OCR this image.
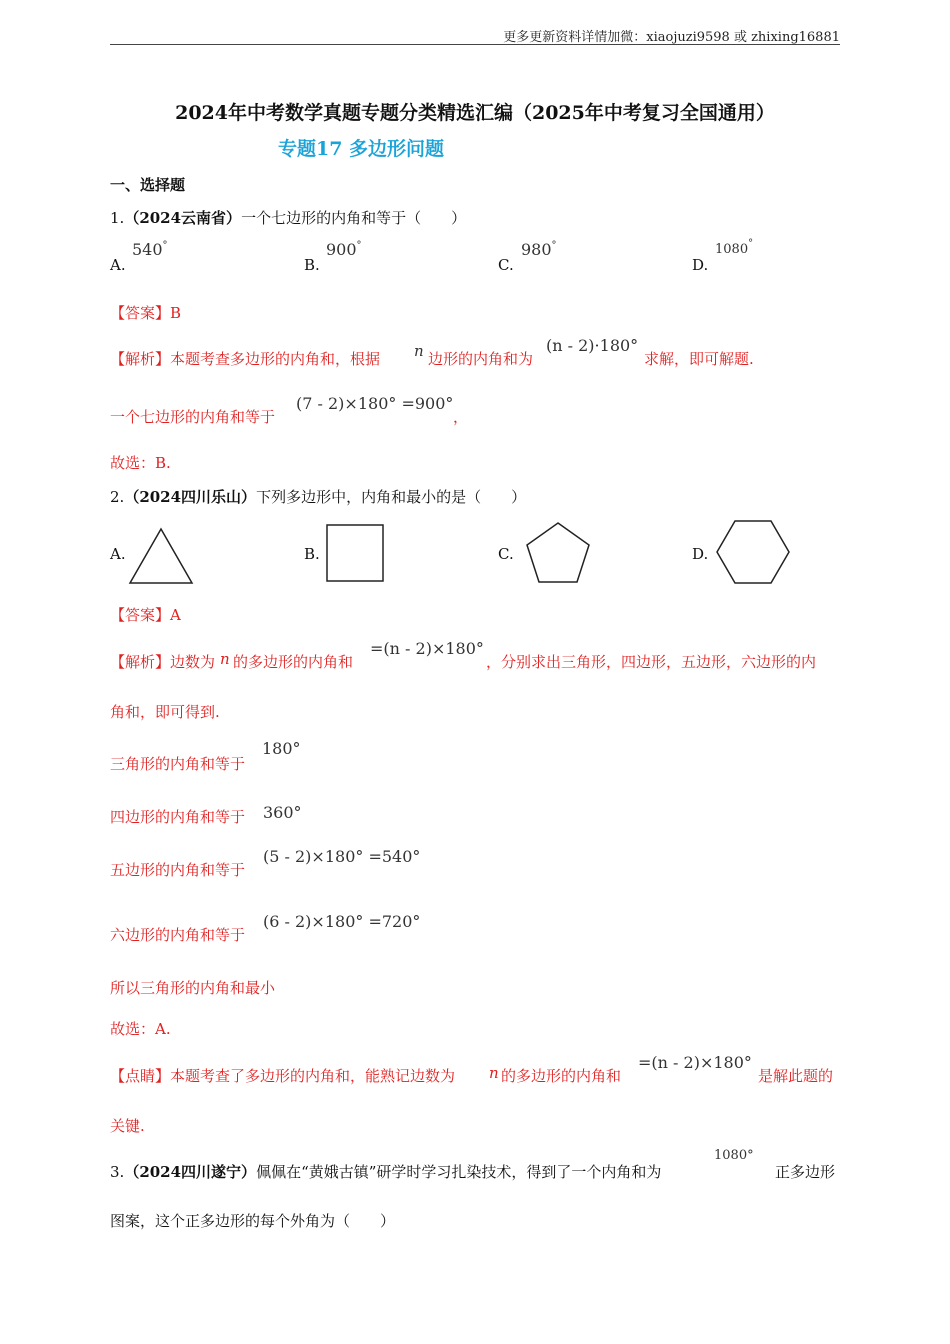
更多更新资料详情加微：xiaojuzi9598 或 zhixing16881
2024年中考数学真题专题分类精选汇编（2025年中考复习全国通用）
专题17 多边形问题
一、选择题
1.（2024云南省）一个七边形的内角和等于（　　）
A.
540°
B.
900°
C.
980°
D.
1080°
【答案】B
【解析】本题考查多边形的内角和，根据 n 边形的内角和为
(n - 2)·180°
求解，即可解题.
一个七边形的内角和等于
(7 - 2)×180° =900°
，
故选：B.
2.（2024四川乐山）下列多边形中，内角和最小的是（　　）
A.	B.	C.	D.
【答案】A
【解析】边数为 n 的多边形的内角和
=(n - 2)×180°
，分别求出三角形，四边形，五边形，六边形的内
角和，即可得到.
三角形的内角和等于
180°
四边形的内角和等于 360°
五边形的内角和等于
(5 - 2)×180° =540°
六边形的内角和等于
(6 - 2)×180° =720°
所以三角形的内角和最小
故选：A.
【点睛】本题考查了多边形的内角和，能熟记边数为 n 的多边形的内角和
=(n - 2)×180°
是解此题的
关键.
3.（2024四川遂宁）佩佩在“黄娥古镇”研学时学习扎染技术，得到了一个内角和为
1080°
正多边形
图案，这个正多边形的每个外角为（　　）
